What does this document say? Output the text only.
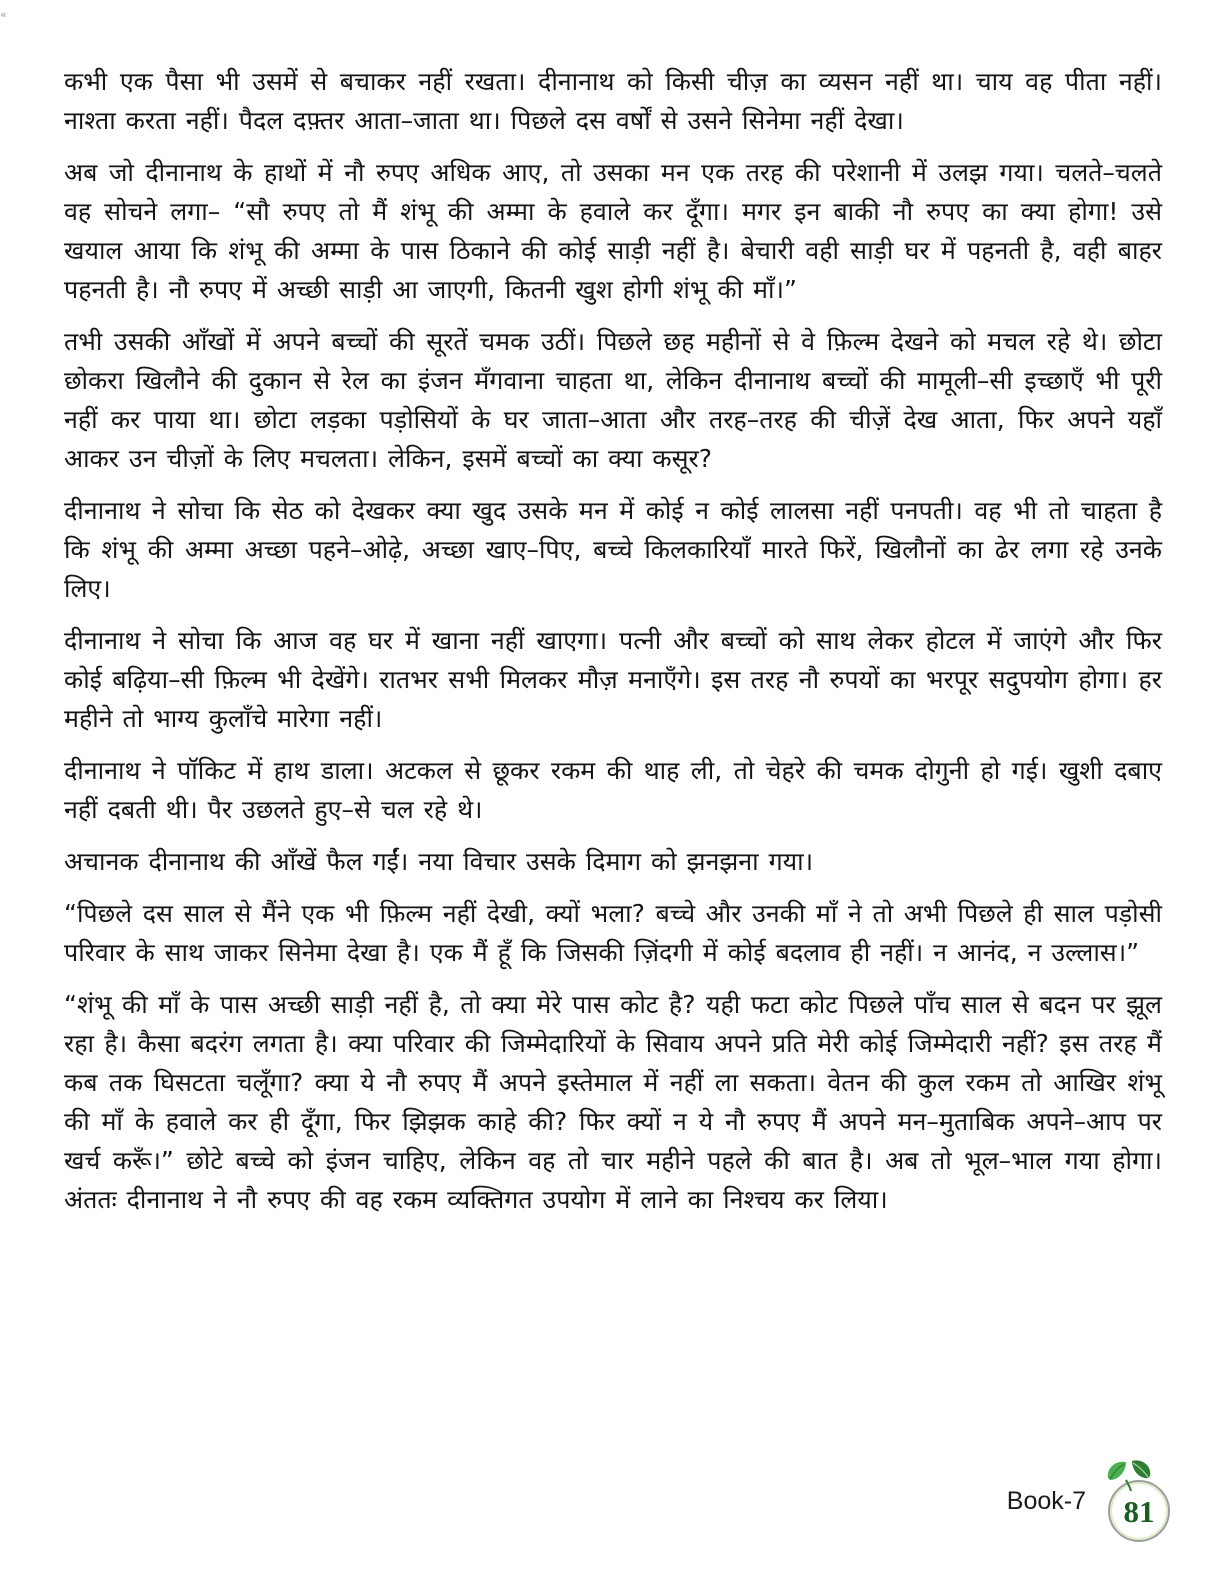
«

कभी एक पैसा भी उसमें से बचाकर नहीं रखता। दीनानाथ को किसी चीज़ का व्यसन नहीं था। चाय वह पीता नहीं। नाश्ता करता नहीं। पैदल दफ़्तर आता–जाता था। पिछले दस वर्षों से उसने सिनेमा नहीं देखा।

अब जो दीनानाथ के हाथों में नौ रुपए अधिक आए, तो उसका मन एक तरह की परेशानी में उलझ गया। चलते–चलते वह सोचने लगा– “सौ रुपए तो मैं शंभू की अम्मा के हवाले कर दूँगा। मगर इन बाकी नौ रुपए का क्या होगा! उसे खयाल आया कि शंभू की अम्मा के पास ठिकाने की कोई साड़ी नहीं है। बेचारी वही साड़ी घर में पहनती है, वही बाहर पहनती है। नौ रुपए में अच्छी साड़ी आ जाएगी, कितनी खुश होगी शंभू की माँ।”

तभी उसकी आँखों में अपने बच्चों की सूरतें चमक उठीं। पिछले छह महीनों से वे फ़िल्म देखने को मचल रहे थे। छोटा छोकरा खिलौने की दुकान से रेल का इंजन मँगवाना चाहता था, लेकिन दीनानाथ बच्चों की मामूली–सी इच्छाएँ भी पूरी नहीं कर पाया था। छोटा लड़का पड़ोसियों के घर जाता–आता और तरह–तरह की चीज़ें देख आता, फिर अपने यहाँ आकर उन चीज़ों के लिए मचलता। लेकिन, इसमें बच्चों का क्या कसूर?

दीनानाथ ने सोचा कि सेठ को देखकर क्या खुद उसके मन में कोई न कोई लालसा नहीं पनपती। वह भी तो चाहता है कि शंभू की अम्मा अच्छा पहने–ओढ़े, अच्छा खाए–पिए, बच्चे किलकारियाँ मारते फिरें, खिलौनों का ढेर लगा रहे उनके लिए।

दीनानाथ ने सोचा कि आज वह घर में खाना नहीं खाएगा। पत्नी और बच्चों को साथ लेकर होटल में जाएंगे और फिर कोई बढ़िया–सी फ़िल्म भी देखेंगे। रातभर सभी मिलकर मौज़ मनाएँगे। इस तरह नौ रुपयों का भरपूर सदुपयोग होगा। हर महीने तो भाग्य कुलाँचे मारेगा नहीं।

दीनानाथ ने पॉकिट में हाथ डाला। अटकल से छूकर रकम की थाह ली, तो चेहरे की चमक दोगुनी हो गई। खुशी दबाए नहीं दबती थी। पैर उछलते हुए–से चल रहे थे।

अचानक दीनानाथ की आँखें फैल गईं। नया विचार उसके दिमाग को झनझना गया।

“पिछले दस साल से मैंने एक भी फ़िल्म नहीं देखी, क्यों भला? बच्चे और उनकी माँ ने तो अभी पिछले ही साल पड़ोसी परिवार के साथ जाकर सिनेमा देखा है। एक मैं हूँ कि जिसकी ज़िंदगी में कोई बदलाव ही नहीं। न आनंद, न उल्लास।”

“शंभू की माँ के पास अच्छी साड़ी नहीं है, तो क्या मेरे पास कोट है? यही फटा कोट पिछले पाँच साल से बदन पर झूल रहा है। कैसा बदरंग लगता है। क्या परिवार की जिम्मेदारियों के सिवाय अपने प्रति मेरी कोई जिम्मेदारी नहीं? इस तरह मैं कब तक घिसटता चलूँगा? क्या ये नौ रुपए मैं अपने इस्तेमाल में नहीं ला सकता। वेतन की कुल रकम तो आखिर शंभू की माँ के हवाले कर ही दूँगा, फिर झिझक काहे की? फिर क्यों न ये नौ रुपए मैं अपने मन–मुताबिक अपने–आप पर खर्च करूँ।” छोटे बच्चे को इंजन चाहिए, लेकिन वह तो चार महीने पहले की बात है। अब तो भूल–भाल गया होगा। अंततः दीनानाथ ने नौ रुपए की वह रकम व्यक्तिगत उपयोग में लाने का निश्चय कर लिया।

Book-7 81
